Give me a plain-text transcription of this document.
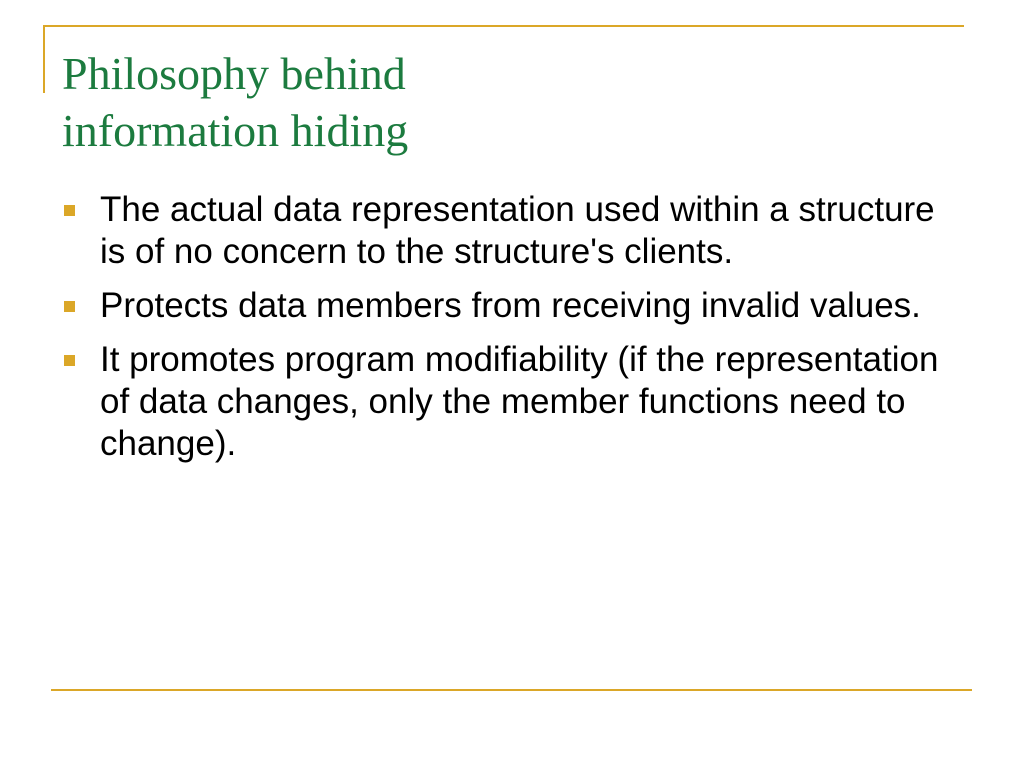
Philosophy behind
information hiding
The actual data representation used within a structure is of no concern to the structure's clients.
Protects data members from receiving invalid values.
It promotes program modifiability (if the representation of data changes, only the member functions need to change).
